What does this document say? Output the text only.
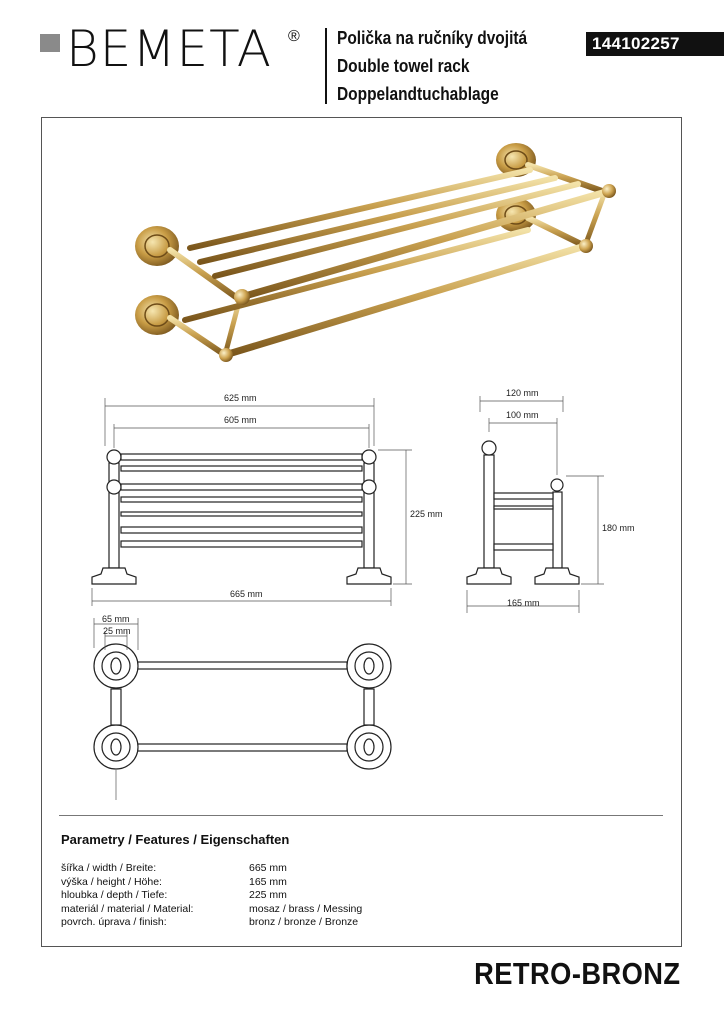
BEMETA ® Polička na ručníky dvojitá
Double towel rack
Doppelandtuchablage
144102257
625 mm
605 mm
665 mm
225 mm
120 mm
100 mm
180 mm
165 mm
65 mm
25 mm
Parametry / Features / Eigenschaften
šířka / width / Breite:	665 mm
výška / height / Höhe:	165 mm
hloubka / depth / Tiefe:	225 mm
materiál / material / Material:	mosaz / brass / Messing
povrch. úprava / finish:	bronz / bronze / Bronze
RETRO-BRONZ
